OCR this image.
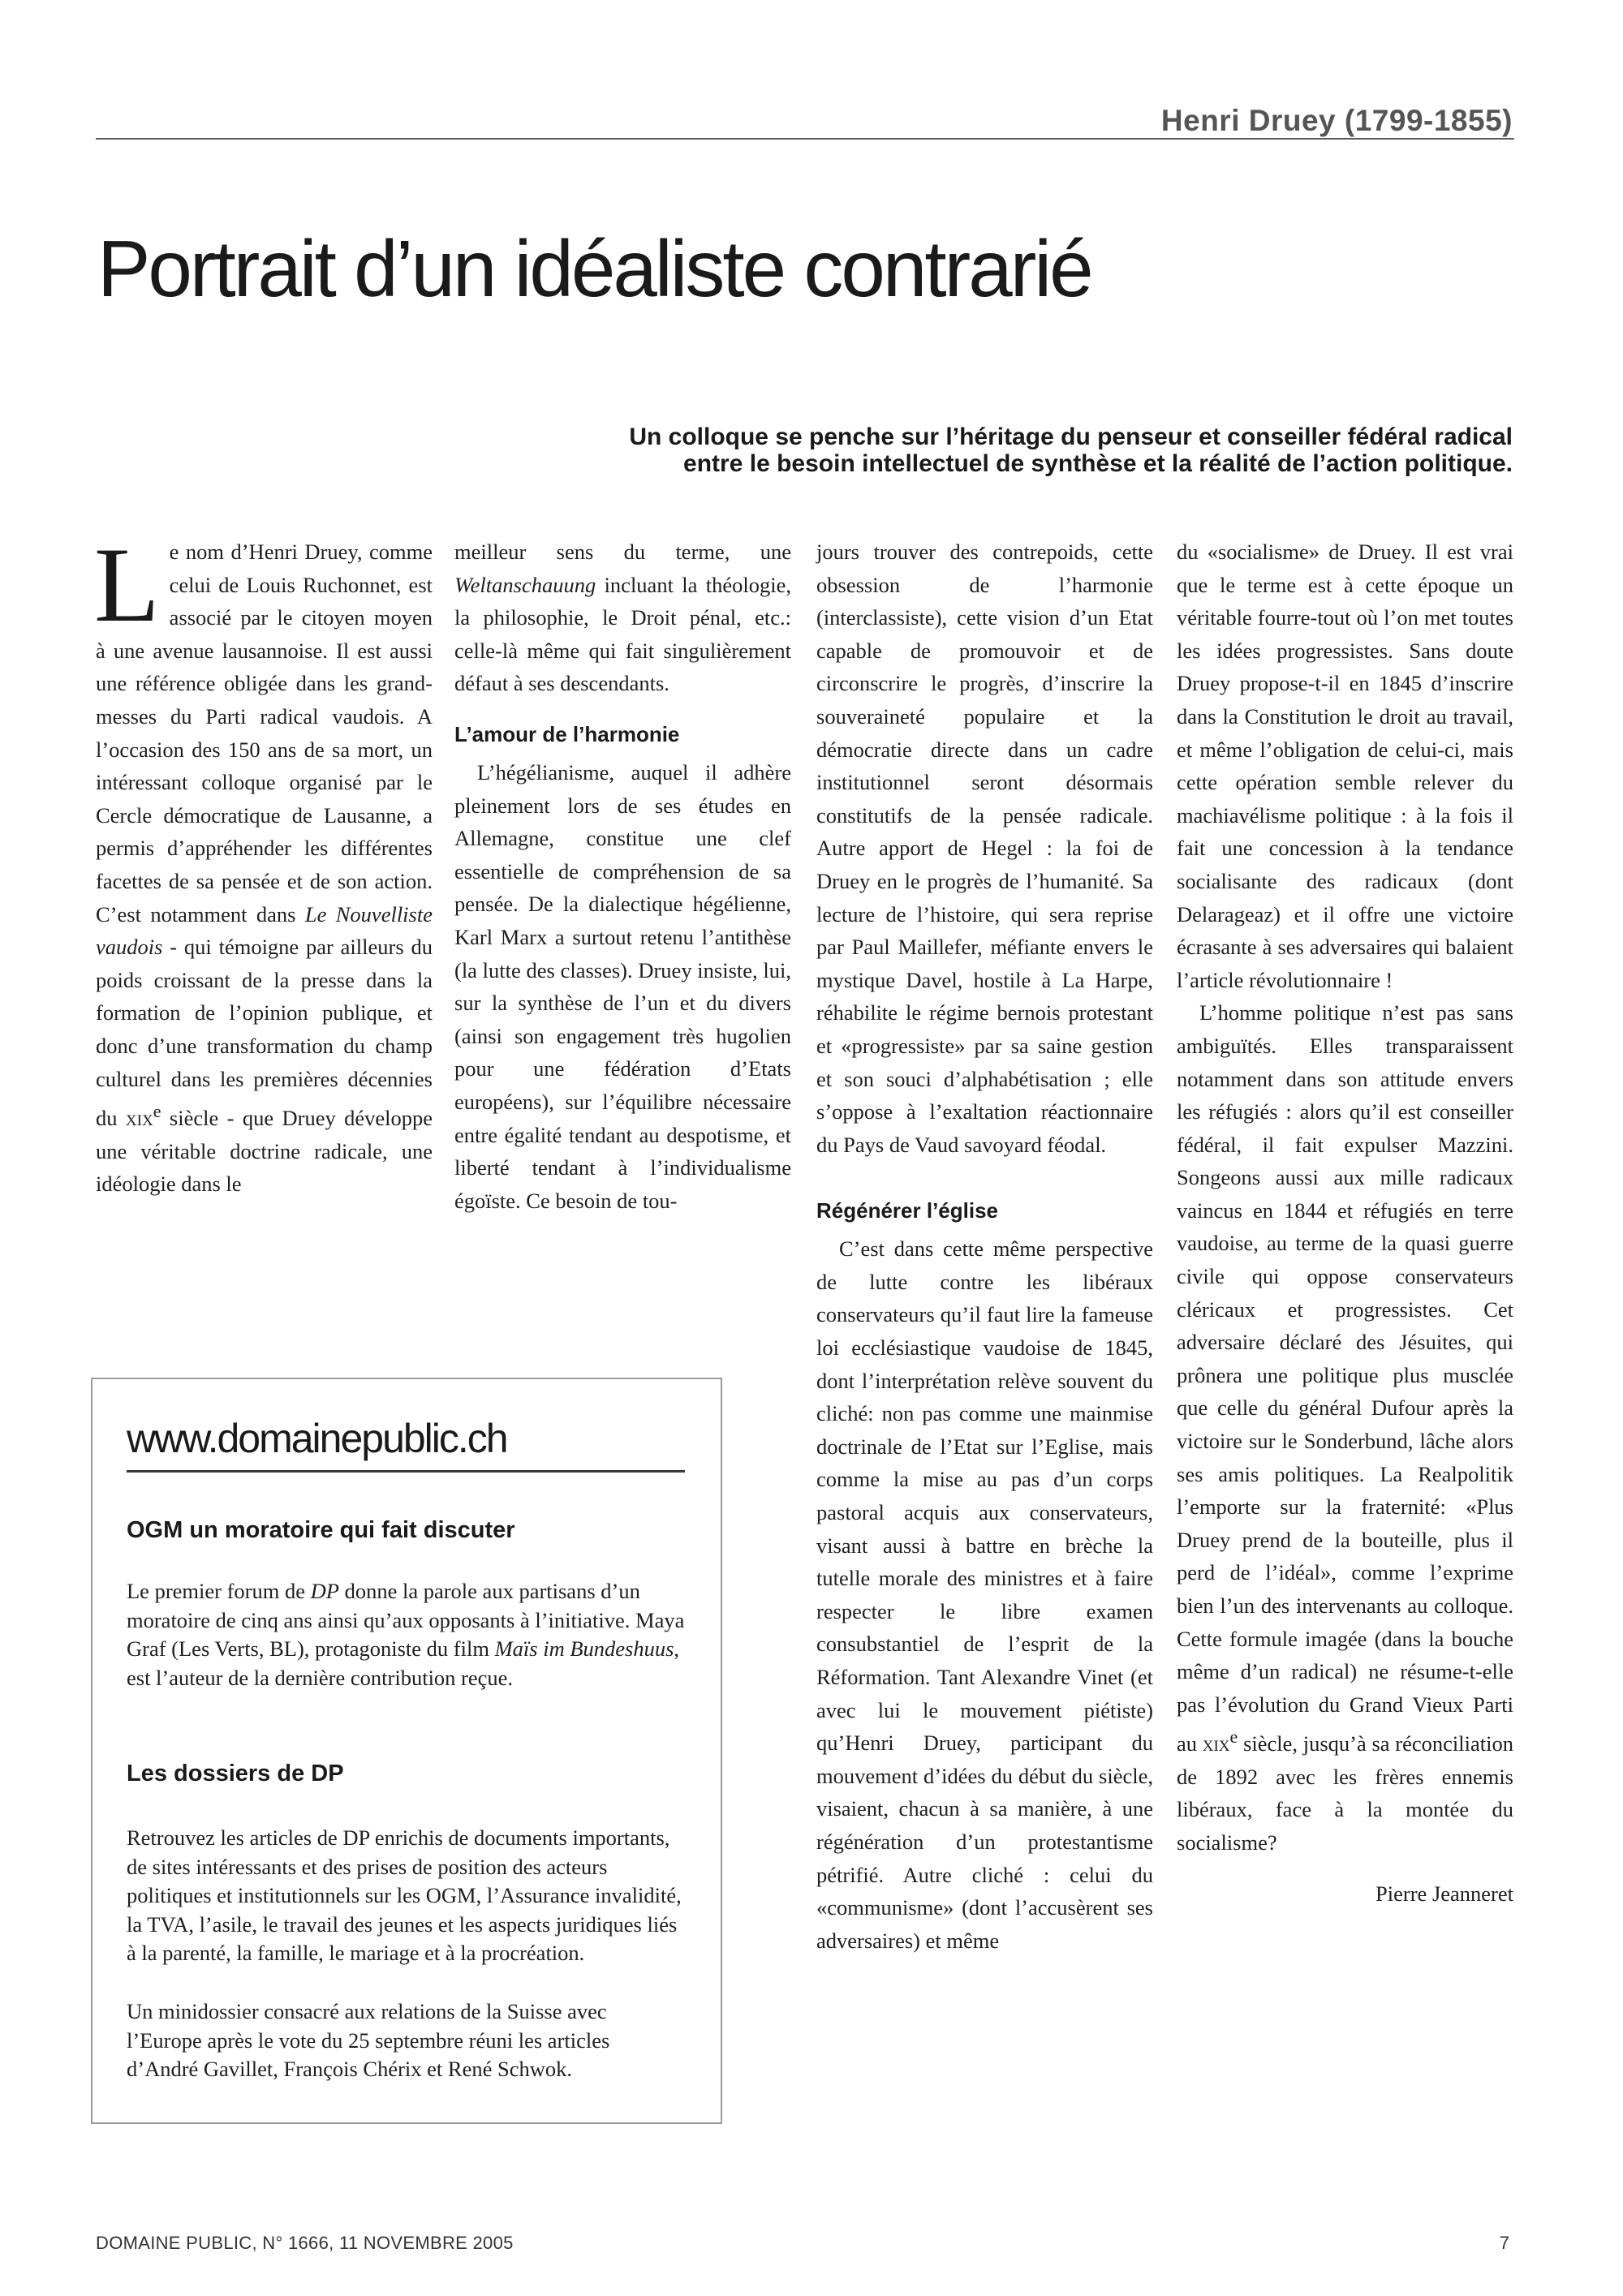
Henri Druey (1799-1855)
Portrait d’un idéaliste contrarié
Un colloque se penche sur l’héritage du penseur et conseiller fédéral radical
entre le besoin intellectuel de synthèse et la réalité de l’action politique.

Le nom d’Henri Druey, comme celui de Louis Ruchonnet, est associé par le citoyen moyen à une avenue lausannoise. Il est aussi une référence obligée dans les grand-messes du Parti radical vaudois. A l’occasion des 150 ans de sa mort, un intéressant colloque organisé par le Cercle démocratique de Lausanne, a permis d’appréhender les différentes facettes de sa pensée et de son action. C’est notamment dans Le Nouvelliste vaudois - qui témoigne par ailleurs du poids croissant de la presse dans la formation de l’opinion publique, et donc d’une transformation du champ culturel dans les premières décennies du xix$^e$ siècle - que Druey développe une véritable doctrine radicale, une idéologie dans le

meilleur sens du terme, une Weltanschauung incluant la théologie, la philosophie, le Droit pénal, etc.: celle-là même qui fait singulièrement défaut à ses descendants.

L’amour de l’harmonie

L’hégélianisme, auquel il adhère pleinement lors de ses études en Allemagne, constitue une clef essentielle de compréhension de sa pensée. De la dialectique hégélienne, Karl Marx a surtout retenu l’antithèse (la lutte des classes). Druey insiste, lui, sur la synthèse de l’un et du divers (ainsi son engagement très hugolien pour une fédération d’Etats européens), sur l’équilibre nécessaire entre égalité tendant au despotisme, et liberté tendant à l’individualisme égoïste. Ce besoin de tou-

jours trouver des contrepoids, cette obsession de l’harmonie (interclassiste), cette vision d’un Etat capable de promouvoir et de circonscrire le progrès, d’inscrire la souveraineté populaire et la démocratie directe dans un cadre institutionnel seront désormais constitutifs de la pensée radicale. Autre apport de Hegel : la foi de Druey en le progrès de l’humanité. Sa lecture de l’histoire, qui sera reprise par Paul Maillefer, méfiante envers le mystique Davel, hostile à La Harpe, réhabilite le régime bernois protestant et «progressiste» par sa saine gestion et son souci d’alphabétisation ; elle s’oppose à l’exaltation réactionnaire du Pays de Vaud savoyard féodal.

Régénérer l’église

C’est dans cette même perspective de lutte contre les libéraux conservateurs qu’il faut lire la fameuse loi ecclésiastique vaudoise de 1845, dont l’interprétation relève souvent du cliché: non pas comme une mainmise doctrinale de l’Etat sur l’Eglise, mais comme la mise au pas d’un corps pastoral acquis aux conservateurs, visant aussi à battre en brèche la tutelle morale des ministres et à faire respecter le libre examen consubstantiel de l’esprit de la Réformation. Tant Alexandre Vinet (et avec lui le mouvement piétiste) qu’Henri Druey, participant du mouvement d’idées du début du siècle, visaient, chacun à sa manière, à une régénération d’un protestantisme pétrifié. Autre cliché : celui du «communisme» (dont l’accusèrent ses adversaires) et même

du «socialisme» de Druey. Il est vrai que le terme est à cette époque un véritable fourre-tout où l’on met toutes les idées progressistes. Sans doute Druey propose-t-il en 1845 d’inscrire dans la Constitution le droit au travail, et même l’obligation de celui-ci, mais cette opération semble relever du machiavélisme politique : à la fois il fait une concession à la tendance socialisante des radicaux (dont Delarageaz) et il offre une victoire écrasante à ses adversaires qui balaient l’article révolutionnaire !

L’homme politique n’est pas sans ambiguïtés. Elles transparaissent notamment dans son attitude envers les réfugiés : alors qu’il est conseiller fédéral, il fait expulser Mazzini. Songeons aussi aux mille radicaux vaincus en 1844 et réfugiés en terre vaudoise, au terme de la quasi guerre civile qui oppose conservateurs cléricaux et progressistes. Cet adversaire déclaré des Jésuites, qui prônera une politique plus musclée que celle du général Dufour après la victoire sur le Sonderbund, lâche alors ses amis politiques. La Realpolitik l’emporte sur la fraternité: «Plus Druey prend de la bouteille, plus il perd de l’idéal», comme l’exprime bien l’un des intervenants au colloque. Cette formule imagée (dans la bouche même d’un radical) ne résume-t-elle pas l’évolution du Grand Vieux Parti au xix$^e$ siècle, jusqu’à sa réconciliation de 1892 avec les frères ennemis libéraux, face à la montée du socialisme?

Pierre Jeanneret

www.domainepublic.ch
OGM un moratoire qui fait discuter

Le premier forum de DP donne la parole aux partisans d’un moratoire de cinq ans ainsi qu’aux opposants à l’initiative. Maya Graf (Les Verts, BL), protagoniste du film Maïs im Bundeshuus, est l’auteur de la dernière contribution reçue.

Les dossiers de DP

Retrouvez les articles de DP enrichis de documents importants, de sites intéressants et des prises de position des acteurs politiques et institutionnels sur les OGM, l’Assurance invalidité, la TVA, l’asile, le travail des jeunes et les aspects juridiques liés à la parenté, la famille, le mariage et à la procréation.

Un minidossier consacré aux relations de la Suisse avec l’Europe après le vote du 25 septembre réuni les articles d’André Gavillet, François Chérix et René Schwok.

DOMAINE PUBLIC, N° 1666, 11 NOVEMBRE 2005	7
